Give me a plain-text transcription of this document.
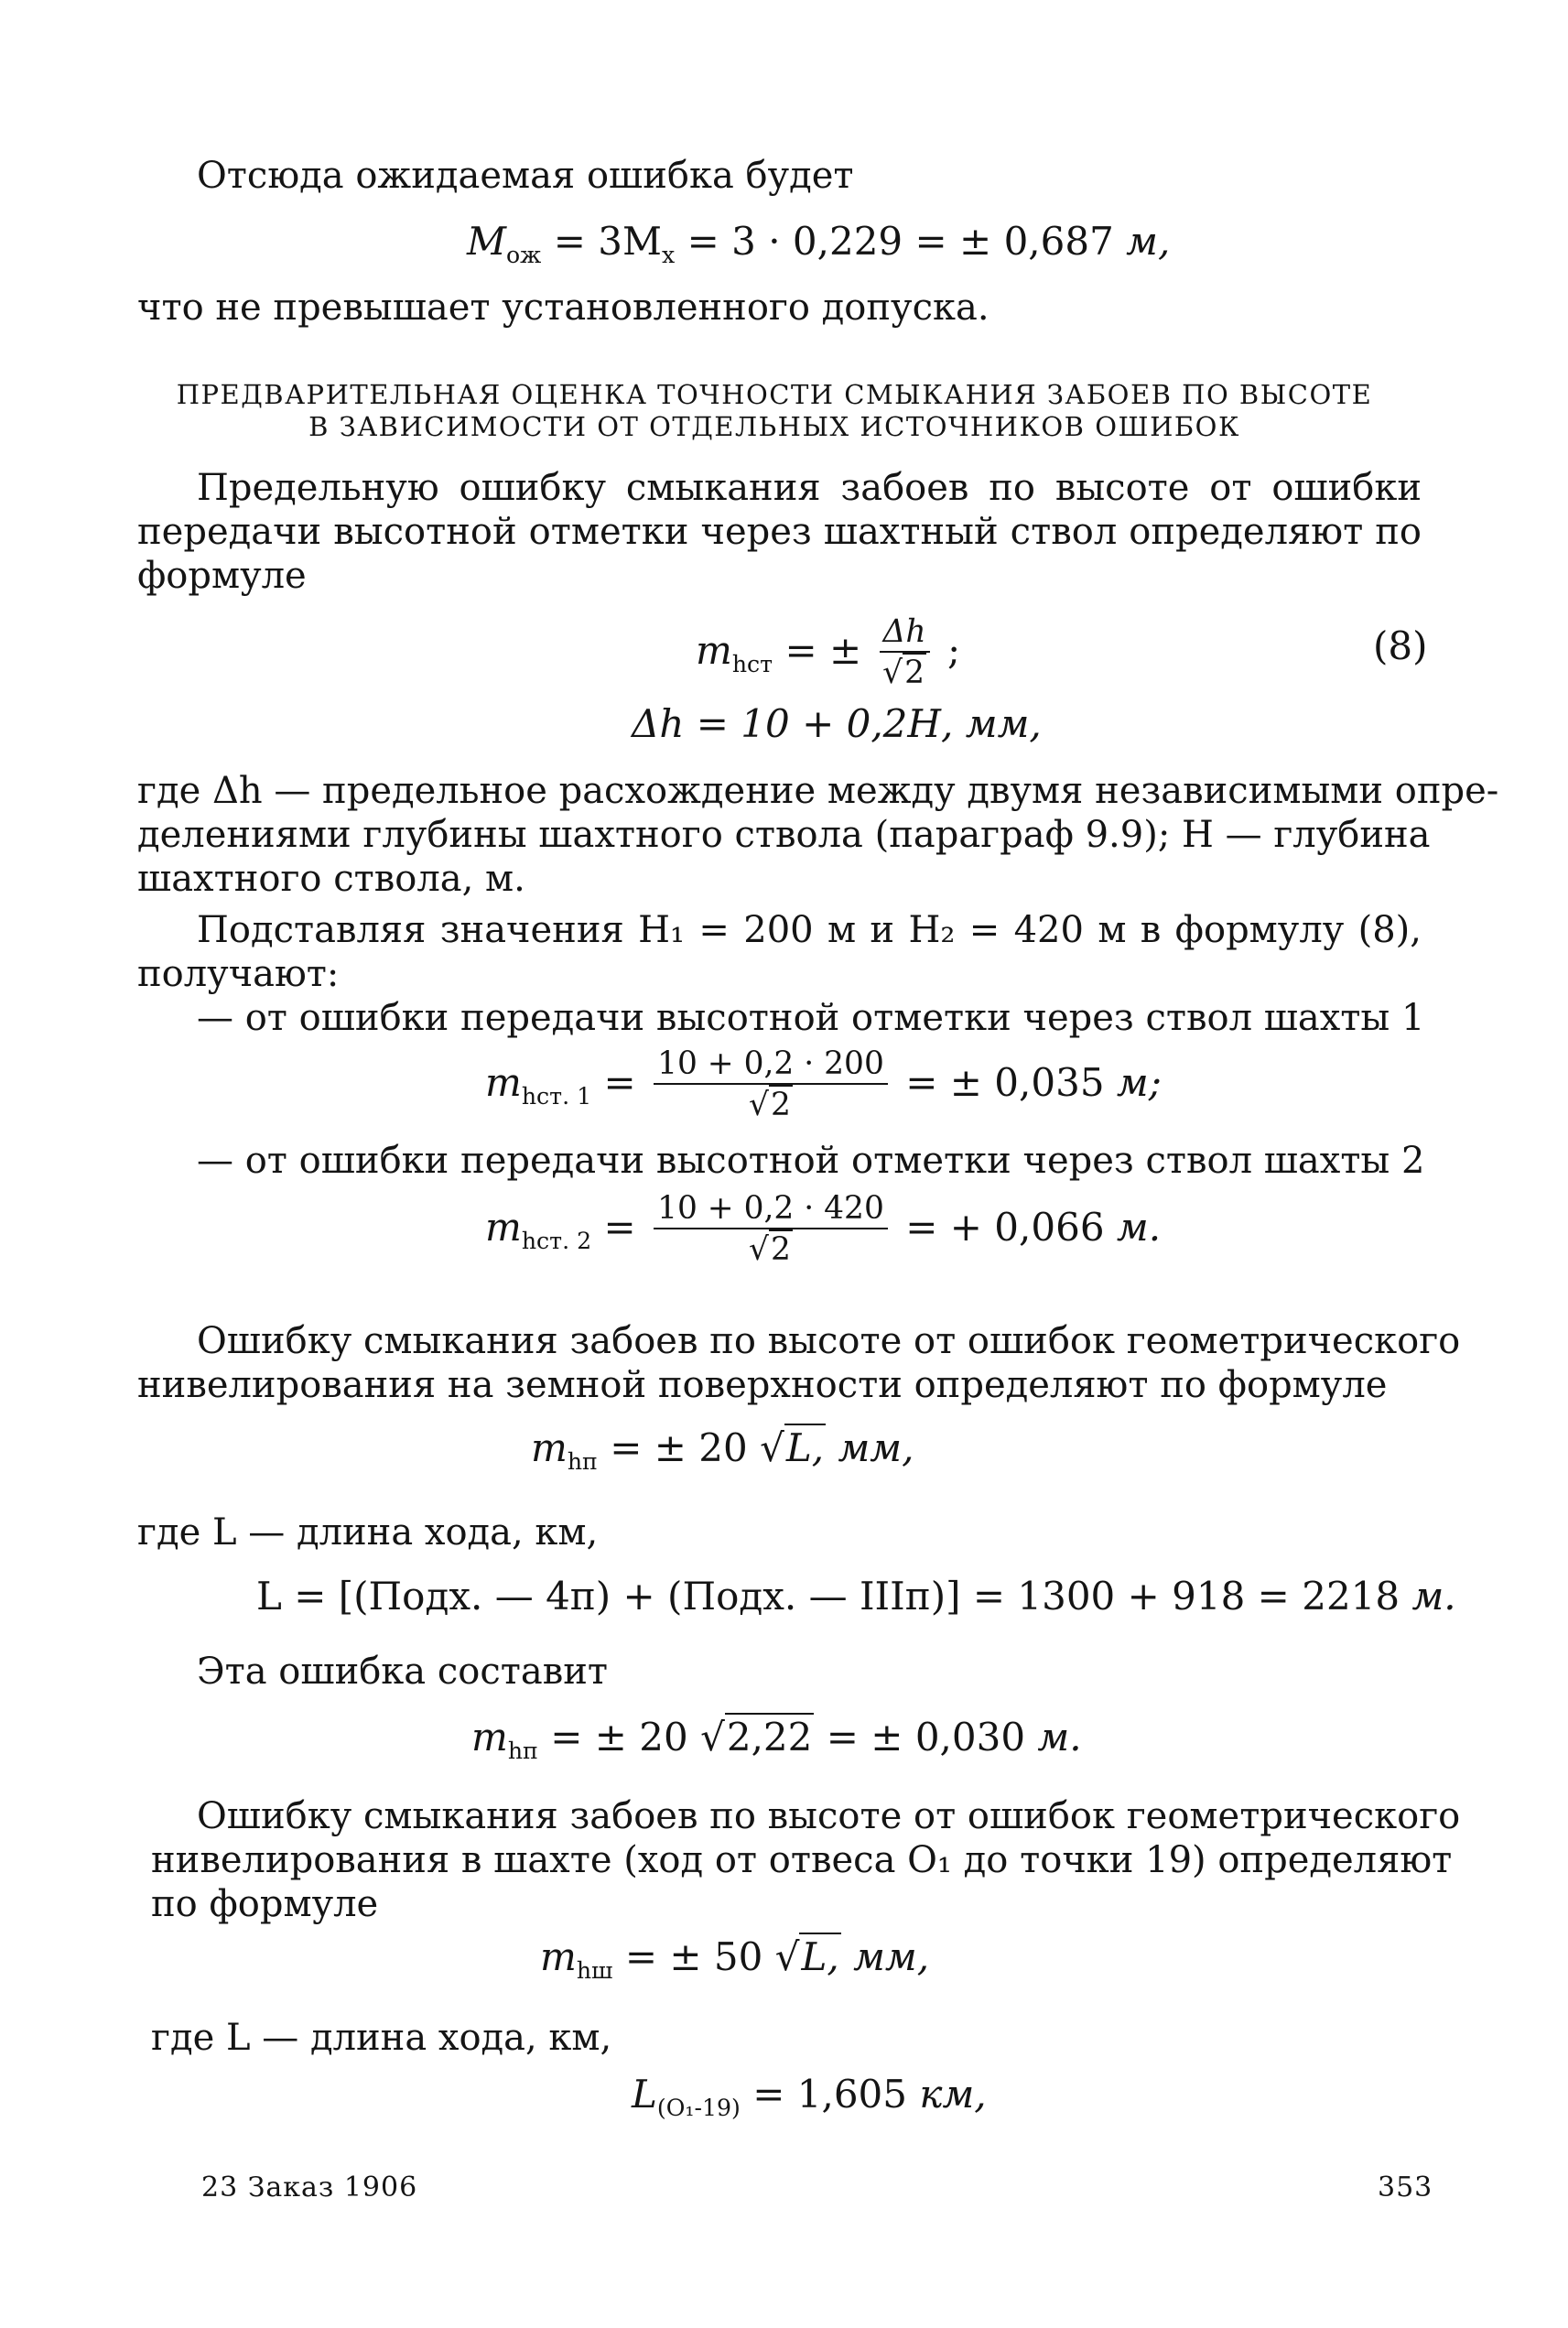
Отсюда ожидаемая ошибка будет
$M_{ож} = 3M_x = 3 \cdot 0,229$ = ± 0,687 м,
что не превышает установленного допуска.
ПРЕДВАРИТЕЛЬНАЯ ОЦЕНКА ТОЧНОСТИ СМЫКАНИЯ ЗАБОЕВ ПО ВЫСОТЕ
В ЗАВИСИМОСТИ ОТ ОТДЕЛЬНЫХ ИСТОЧНИКОВ ОШИБОК
Предельную ошибку смыкания забоев по высоте от ошибки
передачи высотной отметки через шахтный ствол определяют по
формуле
$m_{hст}$ = ± $\frac{\Delta h}{√2}$ ;	(8)
Δh = 10 + 0,2H, мм,
где Δh — предельное расхождение между двумя независимыми опре-
делениями глубины шахтного ствола (параграф 9.9); H — глубина
шахтного ствола, м.
Подставляя значения H₁ = 200 м и H₂ = 420 м в формулу (8),
получают:
— от ошибки передачи высотной отметки через ствол шахты 1
$m_{hст. 1} = \frac{10 + 0,2 \cdot 200}{√2}$ = ± 0,035 м;
— от ошибки передачи высотной отметки через ствол шахты 2
$m_{hст. 2} = \frac{10 + 0,2 \cdot 420}{√2}$ = + 0,066 м.
Ошибку смыкания забоев по высоте от ошибок геометрического
нивелирования на земной поверхности определяют по формуле
$m_{hп}$ = ± 20 √L, мм,
где L — длина хода, км,
L = [(Подх. — 4п) + (Подх. — IIIп)] = 1300 + 918 = 2218 м.
Эта ошибка составит
$m_{hп}$ = ± 20 √2,22 = ± 0,030 м.
Ошибку смыкания забоев по высоте от ошибок геометрического
нивелирования в шахте (ход от отвеса O₁ до точки 19) определяют
по формуле
$m_{hш}$ = ± 50 √L, мм,
где L — длина хода, км,
$L_{(O_1-19)} = 1,605$ км,
23 Заказ 1906	353
